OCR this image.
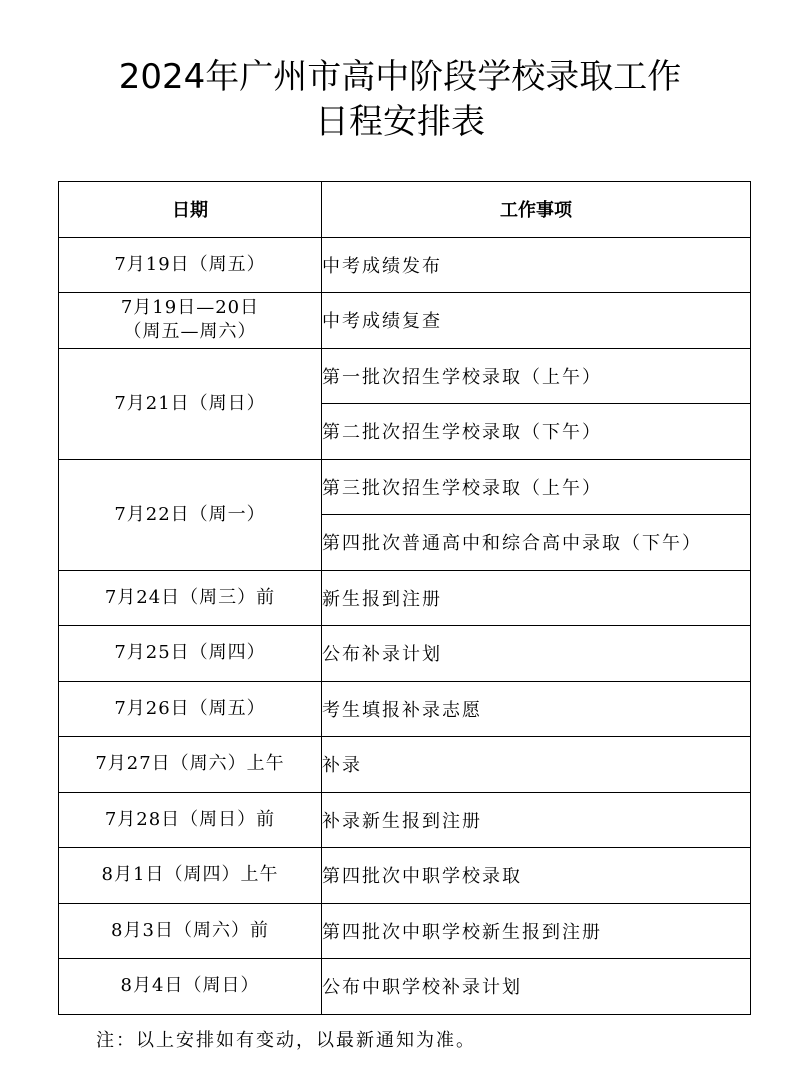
2024年广州市高中阶段学校录取工作
日程安排表
日期	工作事项
7月19日（周五）	中考成绩发布

7月19日—20日
（周五—周六）	中考成绩复查
7月21日（周日）	第一批次招生学校录取（上午）
	第二批次招生学校录取（下午）
7月22日（周一）	第三批次招生学校录取（上午）
	第四批次普通高中和综合高中录取（下午）
7月24日（周三）前	新生报到注册
7月25日（周四）	公布补录计划
7月26日（周五）	考生填报补录志愿
7月27日（周六）上午	补录
7月28日（周日）前	补录新生报到注册
8月1日（周四）上午	第四批次中职学校录取
8月3日（周六）前	第四批次中职学校新生报到注册
8月4日（周日）	公布中职学校补录计划
注：以上安排如有变动，以最新通知为准。
